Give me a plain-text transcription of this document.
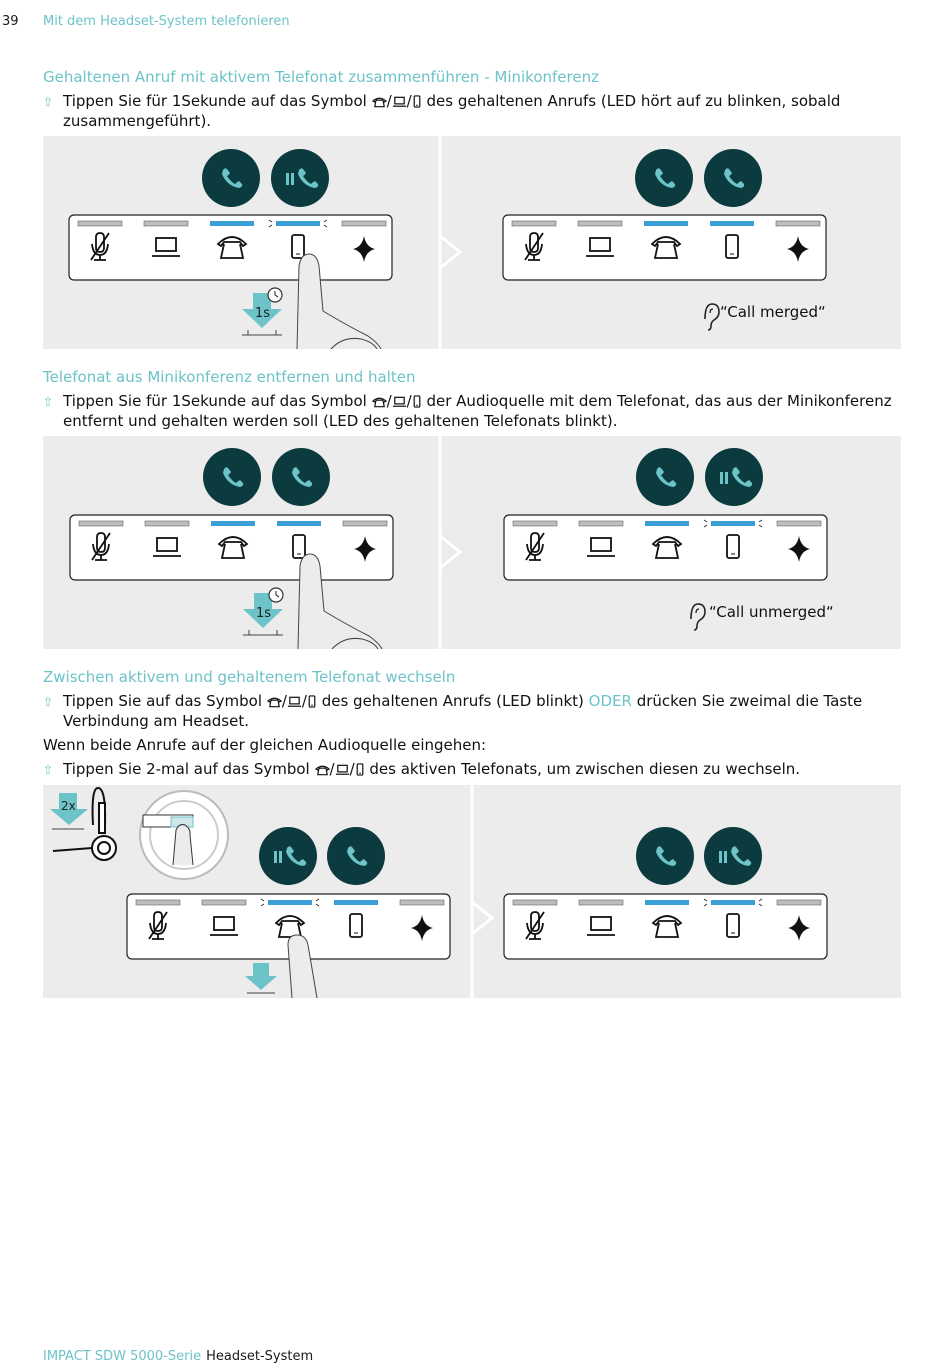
39 Mit dem Headset-System telefonieren
Gehaltenen Anruf mit aktivem Telefonat zusammenführen - Minikonferenz
⇧ Tippen Sie für 1Sekunde auf das Symbol / / des gehaltenen Anrufs (LED hört auf zu blinken, sobald
zusammengeführt).
1s	“Call merged“
Telefonat aus Minikonferenz entfernen und halten
⇧ Tippen Sie für 1Sekunde auf das Symbol / / der Audioquelle mit dem Telefonat, das aus der Minikonferenz
entfernt und gehalten werden soll (LED des gehaltenen Telefonats blinkt).
1s	“Call unmerged“
Zwischen aktivem und gehaltenem Telefonat wechseln
⇧ Tippen Sie auf das Symbol / / des gehaltenen Anrufs (LED blinkt) ODER drücken Sie zweimal die Taste
Verbindung am Headset.
Wenn beide Anrufe auf der gleichen Audioquelle eingehen:
⇧ Tippen Sie 2-mal auf das Symbol / / des aktiven Telefonats, um zwischen diesen zu wechseln.
2x
IMPACT SDW 5000-Serie Headset-System
